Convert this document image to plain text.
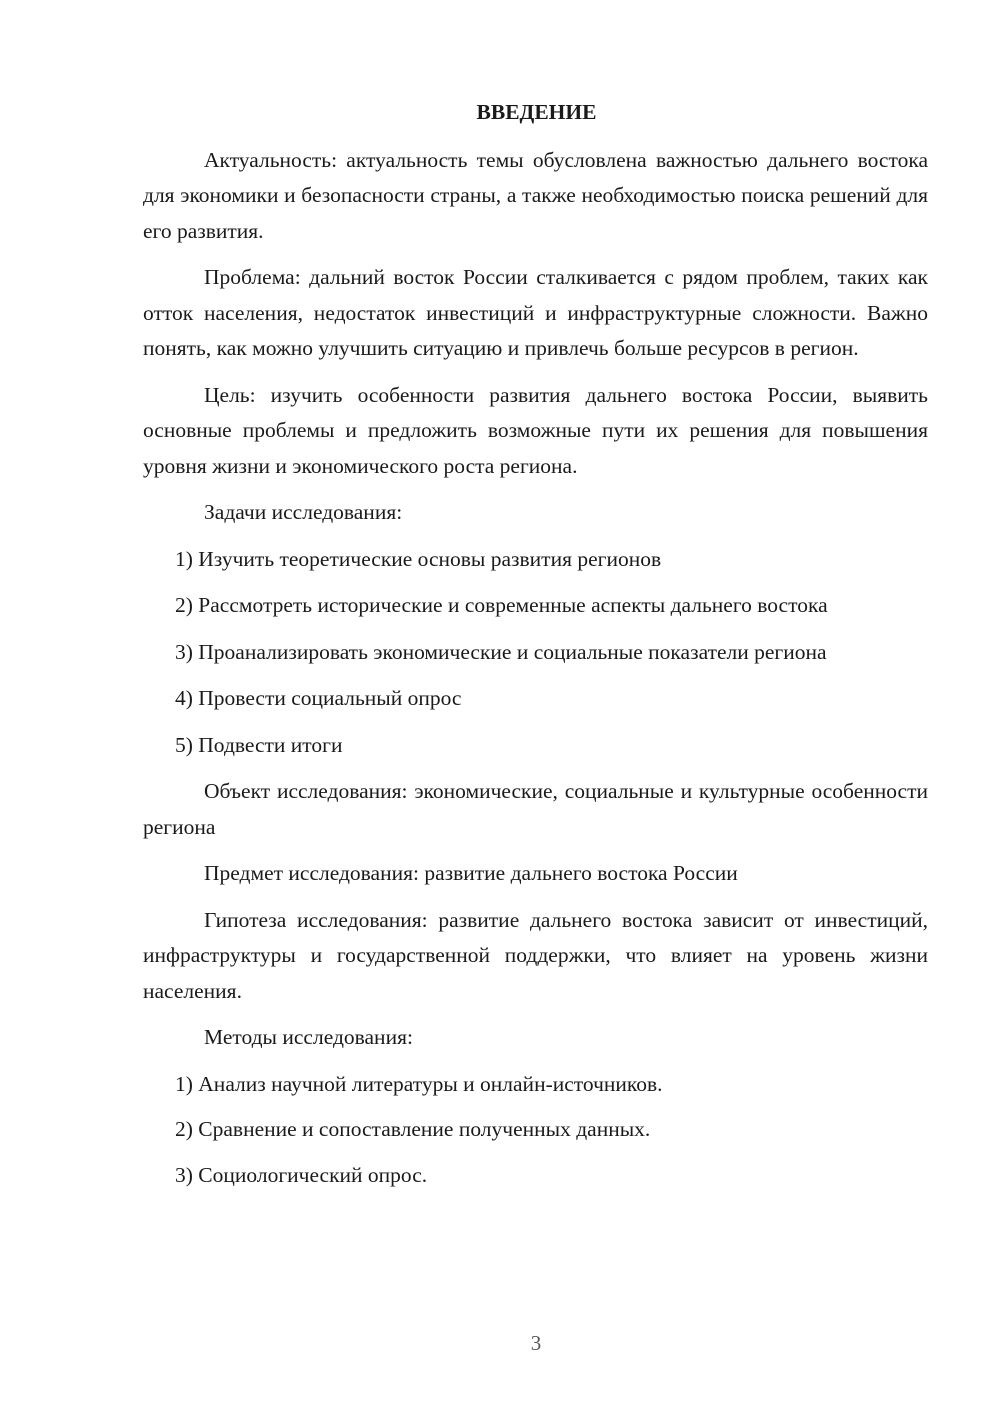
ВВЕДЕНИЕ

Актуальность: актуальность темы обусловлена важностью дальнего востока для экономики и безопасности страны, а также необходимостью поиска решений для его развития.

Проблема: дальний восток России сталкивается с рядом проблем, таких как отток населения, недостаток инвестиций и инфраструктурные сложности. Важно понять, как можно улучшить ситуацию и привлечь больше ресурсов в регион.

Цель: изучить особенности развития дальнего востока России, выявить основные проблемы и предложить возможные пути их решения для повышения уровня жизни и экономического роста региона.

Задачи исследования:

1) Изучить теоретические основы развития регионов

2) Рассмотреть исторические и современные аспекты дальнего востока

3) Проанализировать экономические и социальные показатели региона

4) Провести социальный опрос

5) Подвести итоги

Объект исследования: экономические, социальные и культурные особенности региона

Предмет исследования: развитие дальнего востока России

Гипотеза исследования: развитие дальнего востока зависит от инвестиций, инфраструктуры и государственной поддержки, что влияет на уровень жизни населения.

Методы исследования:

1) Анализ научной литературы и онлайн-источников.

2) Сравнение и сопоставление полученных данных.

3) Социологический опрос.

3
